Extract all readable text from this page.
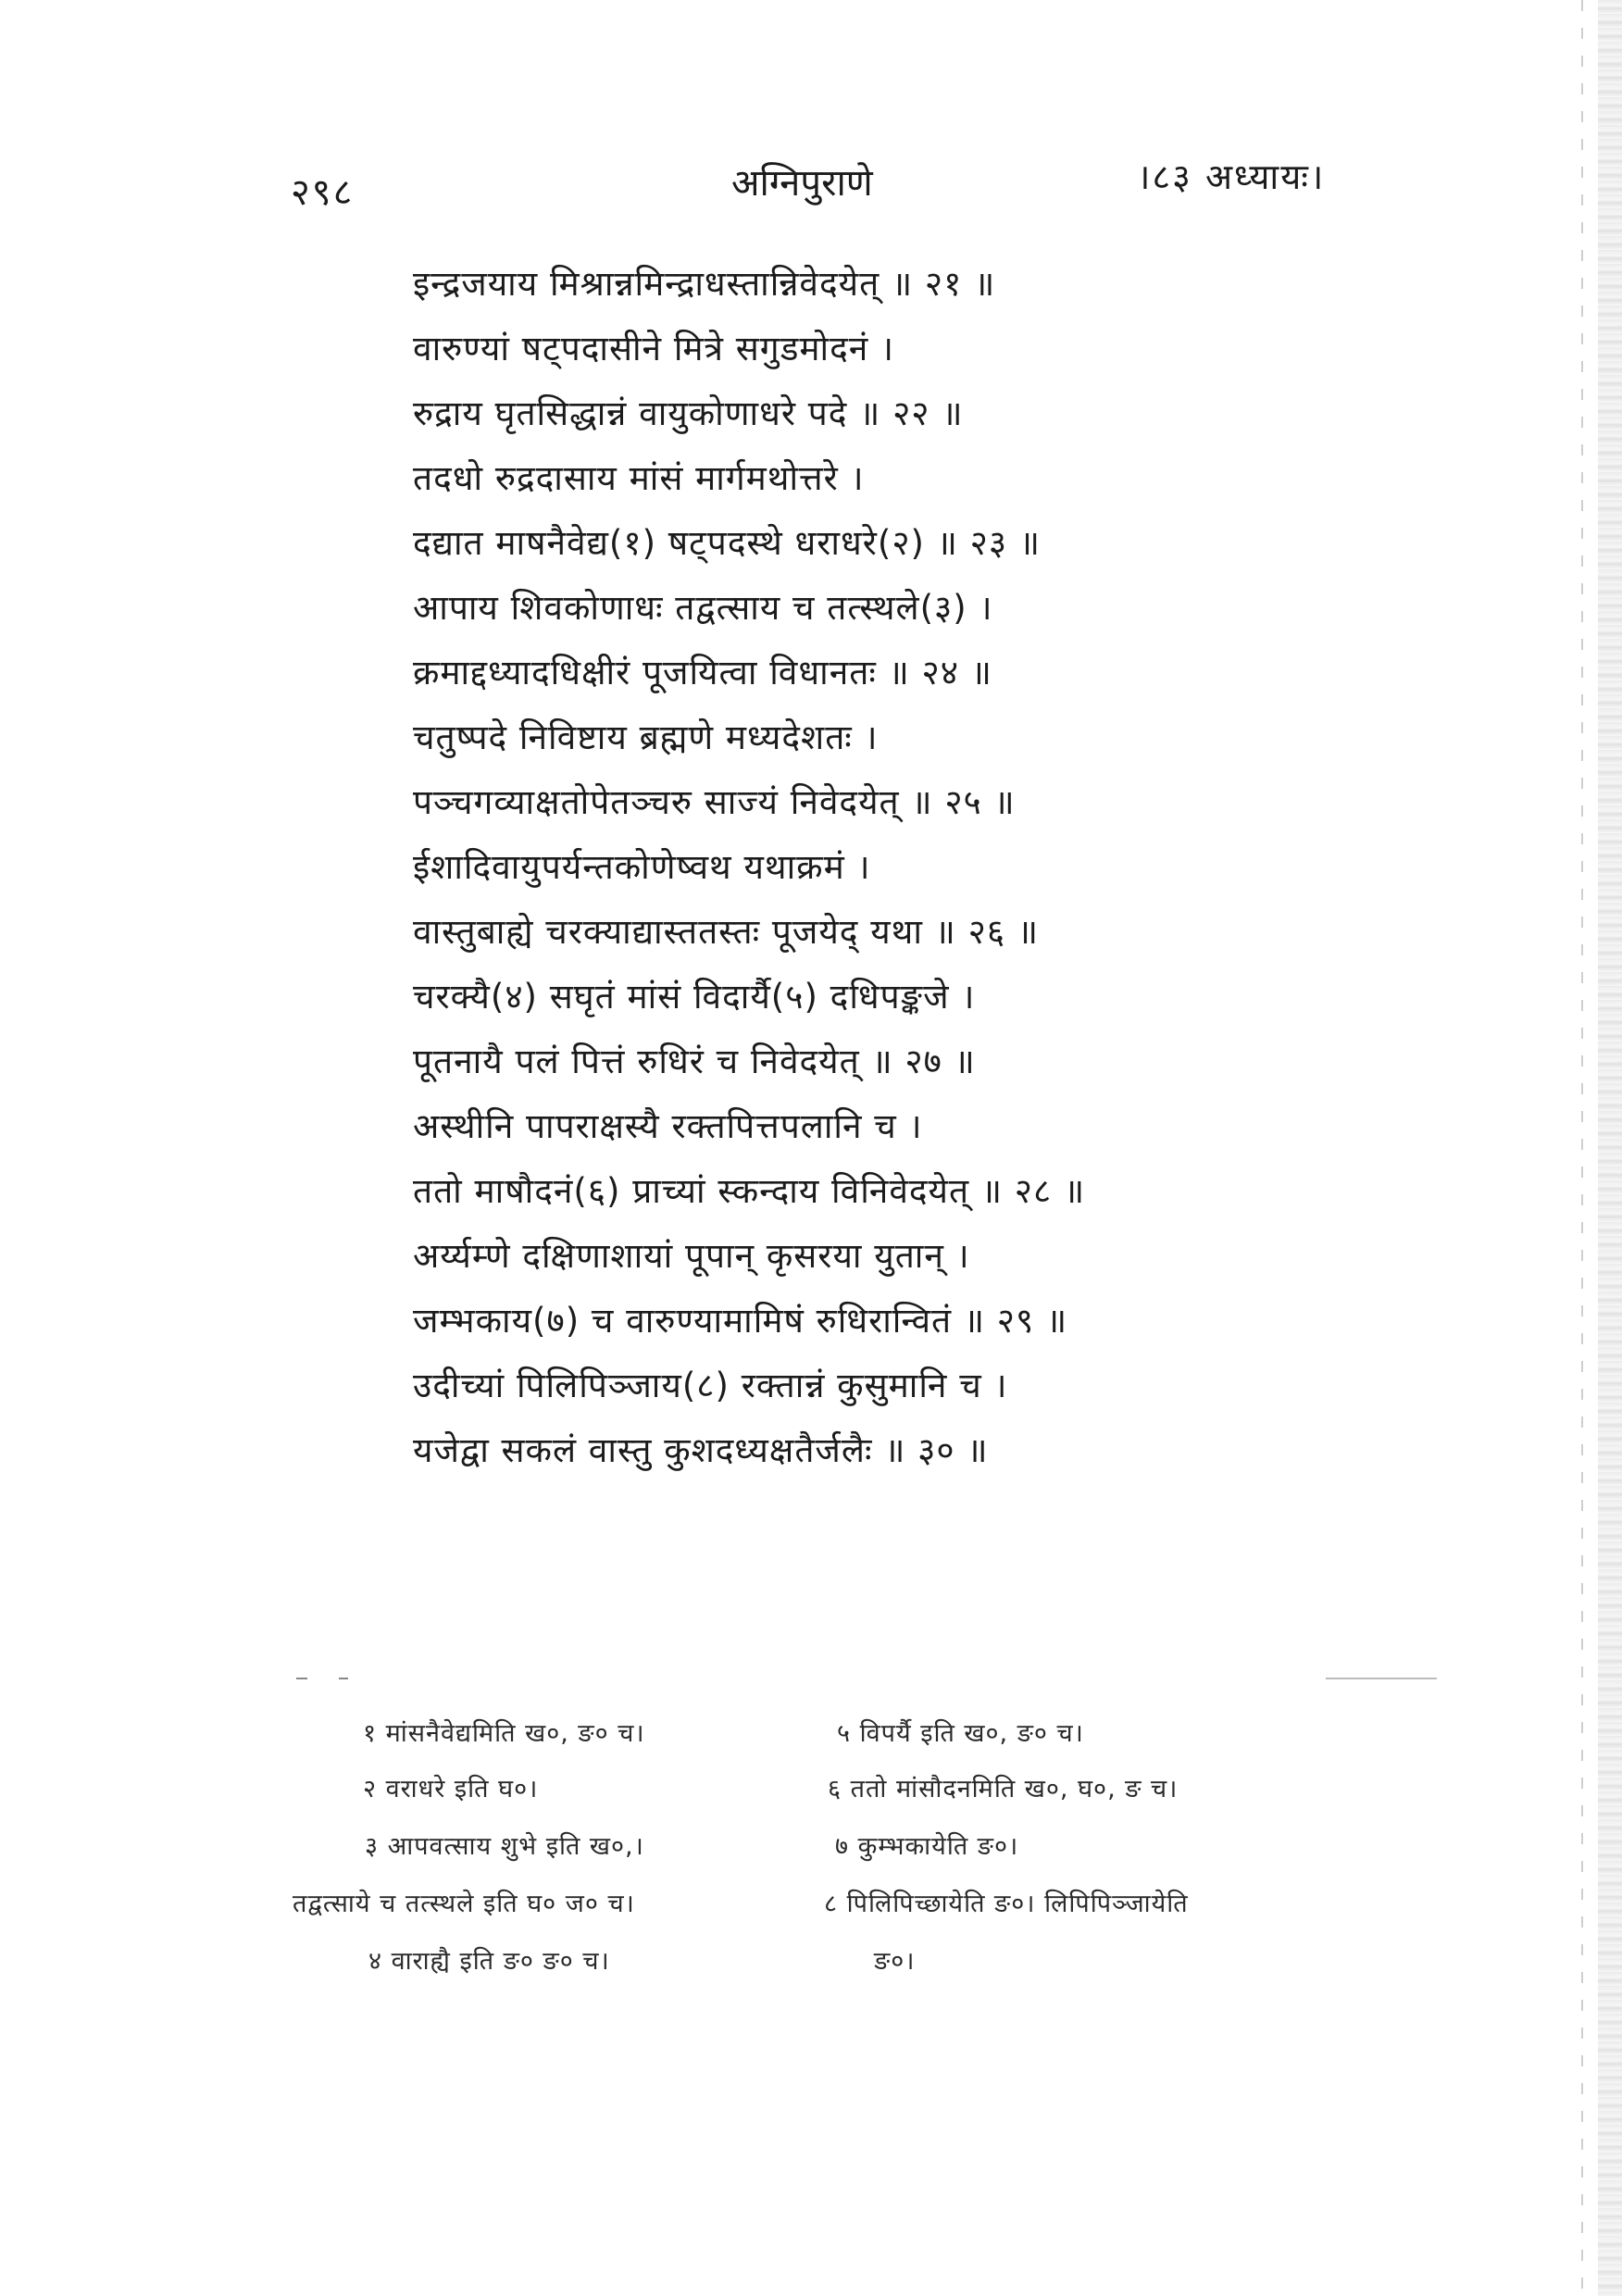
२९८	अग्निपुराणे	।८३ अध्यायः।
इन्द्रजयाय मिश्रान्नमिन्द्राधस्तान्निवेदयेत् ॥ २१ ॥
वारुण्यां षट्पदासीने मित्रे सगुडमोदनं ।
रुद्राय घृतसिद्धान्नं वायुकोणाधरे पदे ॥ २२ ॥
तदधो रुद्रदासाय मांसं मार्गमथोत्तरे ।
दद्यात माषनैवेद्य(१) षट्पदस्थे धराधरे(२) ॥ २३ ॥
आपाय शिवकोणाधः तद्वत्साय च तत्स्थले(३) ।
क्रमाद्दध्यादधिक्षीरं पूजयित्वा विधानतः ॥ २४ ॥
चतुष्पदे निविष्टाय ब्रह्मणे मध्यदेशतः ।
पञ्चगव्याक्षतोपेतञ्चरु साज्यं निवेदयेत् ॥ २५ ॥
ईशादिवायुपर्यन्तकोणेष्वथ यथाक्रमं ।
वास्तुबाह्ये चरक्याद्यास्ततस्तः पूजयेद् यथा ॥ २६ ॥
चरक्यै(४) सघृतं मांसं विदार्यै(५) दधिपङ्कजे ।
पूतनायै पलं पित्तं रुधिरं च निवेदयेत् ॥ २७ ॥
अस्थीनि पापराक्षस्यै रक्तपित्तपलानि च ।
ततो माषौदनं(६) प्राच्यां स्कन्दाय विनिवेदयेत् ॥ २८ ॥
अर्य्यम्णे दक्षिणाशायां पूपान् कृसरया युतान् ।
जम्भकाय(७) च वारुण्यामामिषं रुधिरान्वितं ॥ २९ ॥
उदीच्यां पिलिपिञ्जाय(८) रक्तान्नं कुसुमानि च ।
यजेद्वा सकलं वास्तु कुशदध्यक्षतैर्जलैः ॥ ३० ॥
१ मांसनैवेद्यमिति ख०, ङ० च।
२ वराधरे इति घ०।
३ आपवत्साय शुभे इति ख०,।
तद्वत्साये च तत्स्थले इति घ० ज० च।
४ वाराह्यै इति ङ० ङ० च।
५ विपर्यै इति ख०, ङ० च।
६ ततो मांसौदनमिति ख०, घ०, ङ च।
७ कुम्भकायेति ङ०।
८ पिलिपिच्छायेति ङ०। लिपिपिञ्जायेति
ङ०।
